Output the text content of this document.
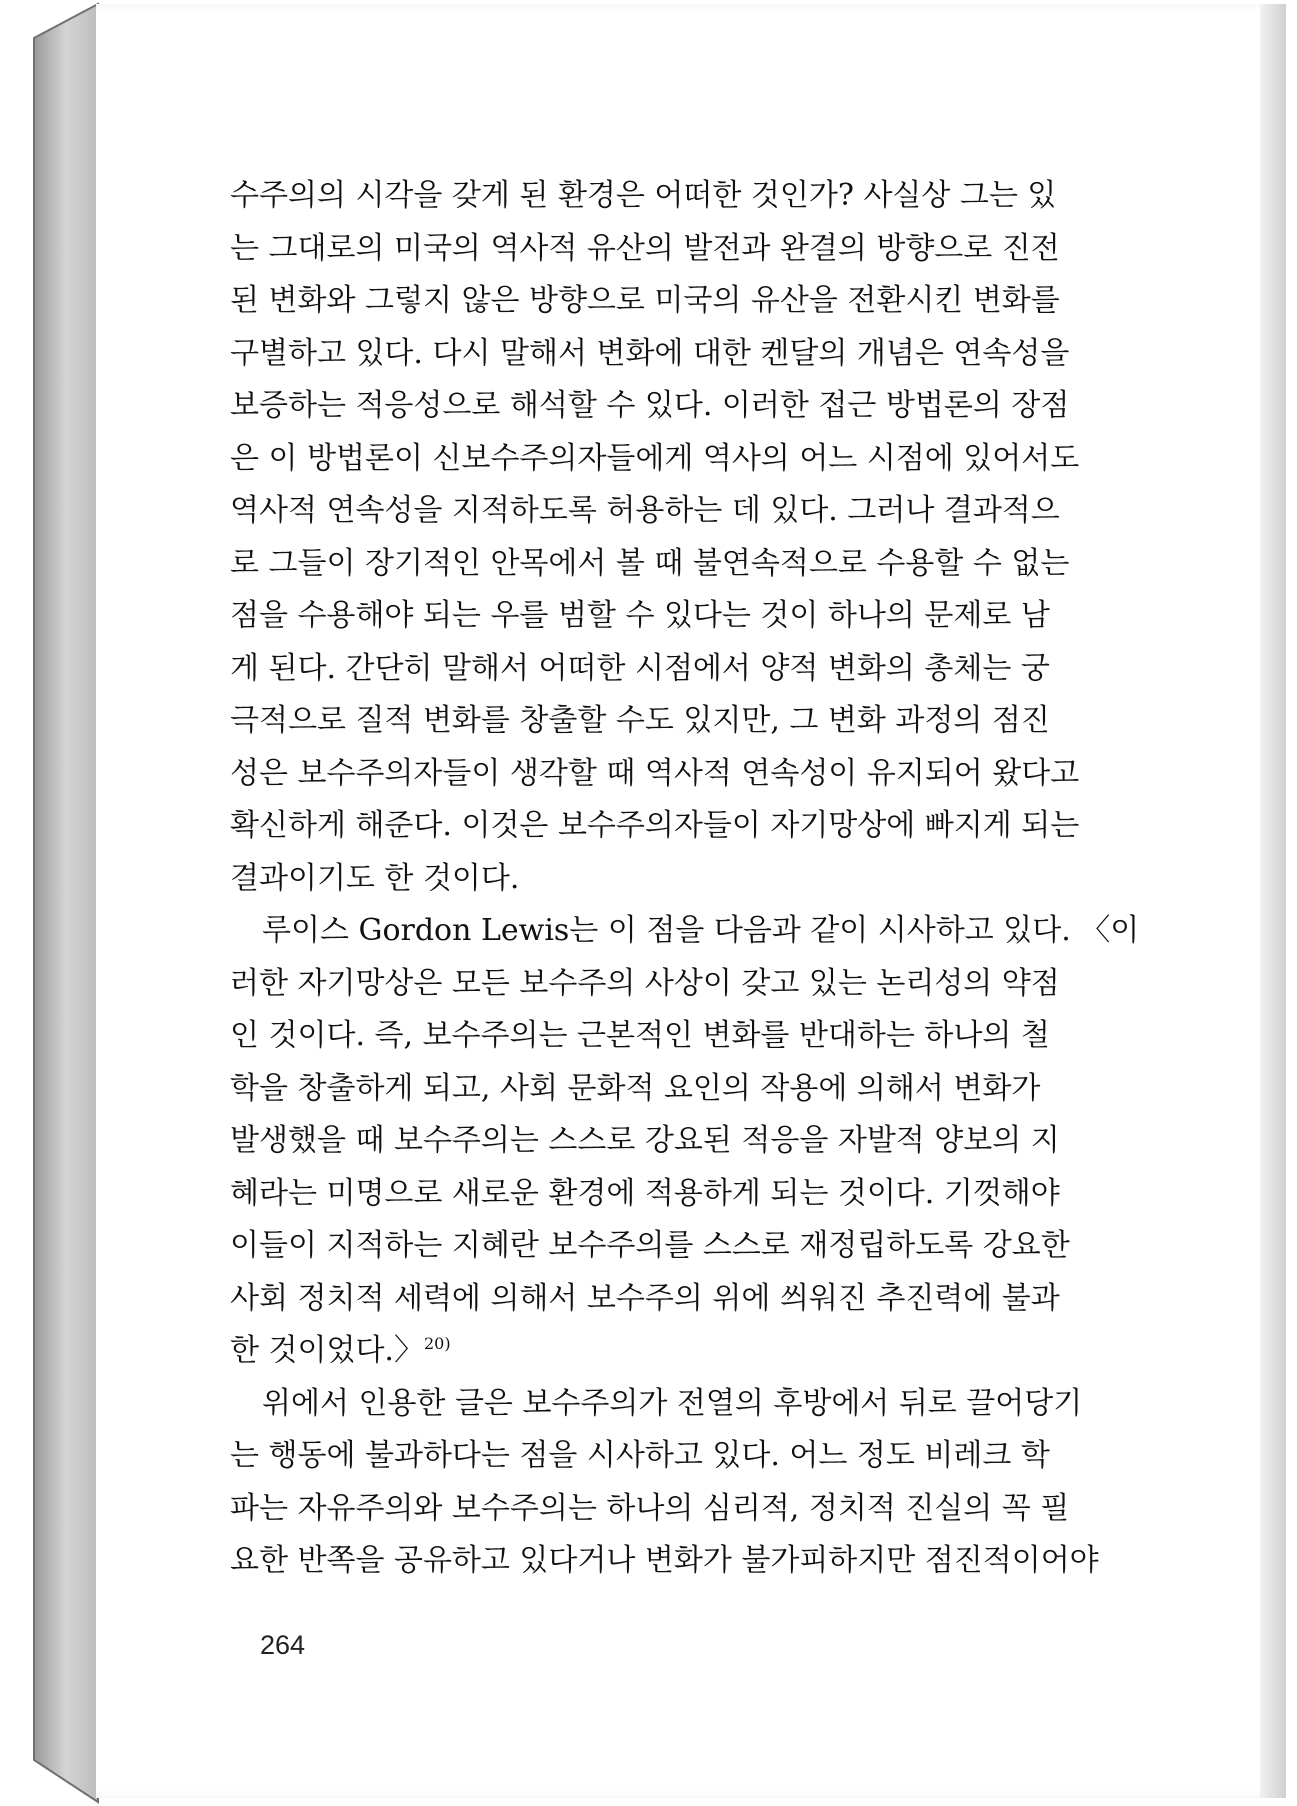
수주의의 시각을 갖게 된 환경은 어떠한 것인가? 사실상 그는 있
는 그대로의 미국의 역사적 유산의 발전과 완결의 방향으로 진전
된 변화와 그렇지 않은 방향으로 미국의 유산을 전환시킨 변화를
구별하고 있다. 다시 말해서 변화에 대한 켄달의 개념은 연속성을
보증하는 적응성으로 해석할 수 있다. 이러한 접근 방법론의 장점
은 이 방법론이 신보수주의자들에게 역사의 어느 시점에 있어서도
역사적 연속성을 지적하도록 허용하는 데 있다. 그러나 결과적으
로 그들이 장기적인 안목에서 볼 때 불연속적으로 수용할 수 없는
점을 수용해야 되는 우를 범할 수 있다는 것이 하나의 문제로 남
게 된다. 간단히 말해서 어떠한 시점에서 양적 변화의 총체는 궁
극적으로 질적 변화를 창출할 수도 있지만, 그 변화 과정의 점진
성은 보수주의자들이 생각할 때 역사적 연속성이 유지되어 왔다고
확신하게 해준다. 이것은 보수주의자들이 자기망상에 빠지게 되는
결과이기도 한 것이다.

루이스 Gordon Lewis는 이 점을 다음과 같이 시사하고 있다. 〈이
러한 자기망상은 모든 보수주의 사상이 갖고 있는 논리성의 약점
인 것이다. 즉, 보수주의는 근본적인 변화를 반대하는 하나의 철
학을 창출하게 되고, 사회 문화적 요인의 작용에 의해서 변화가
발생했을 때 보수주의는 스스로 강요된 적응을 자발적 양보의 지
혜라는 미명으로 새로운 환경에 적용하게 되는 것이다. 기껏해야
이들이 지적하는 지혜란 보수주의를 스스로 재정립하도록 강요한
사회 정치적 세력에 의해서 보수주의 위에 씌워진 추진력에 불과
한 것이었다.〉$^{20)}$

위에서 인용한 글은 보수주의가 전열의 후방에서 뒤로 끌어당기
는 행동에 불과하다는 점을 시사하고 있다. 어느 정도 비레크 학
파는 자유주의와 보수주의는 하나의 심리적, 정치적 진실의 꼭 필
요한 반쪽을 공유하고 있다거나 변화가 불가피하지만 점진적이어야

264
